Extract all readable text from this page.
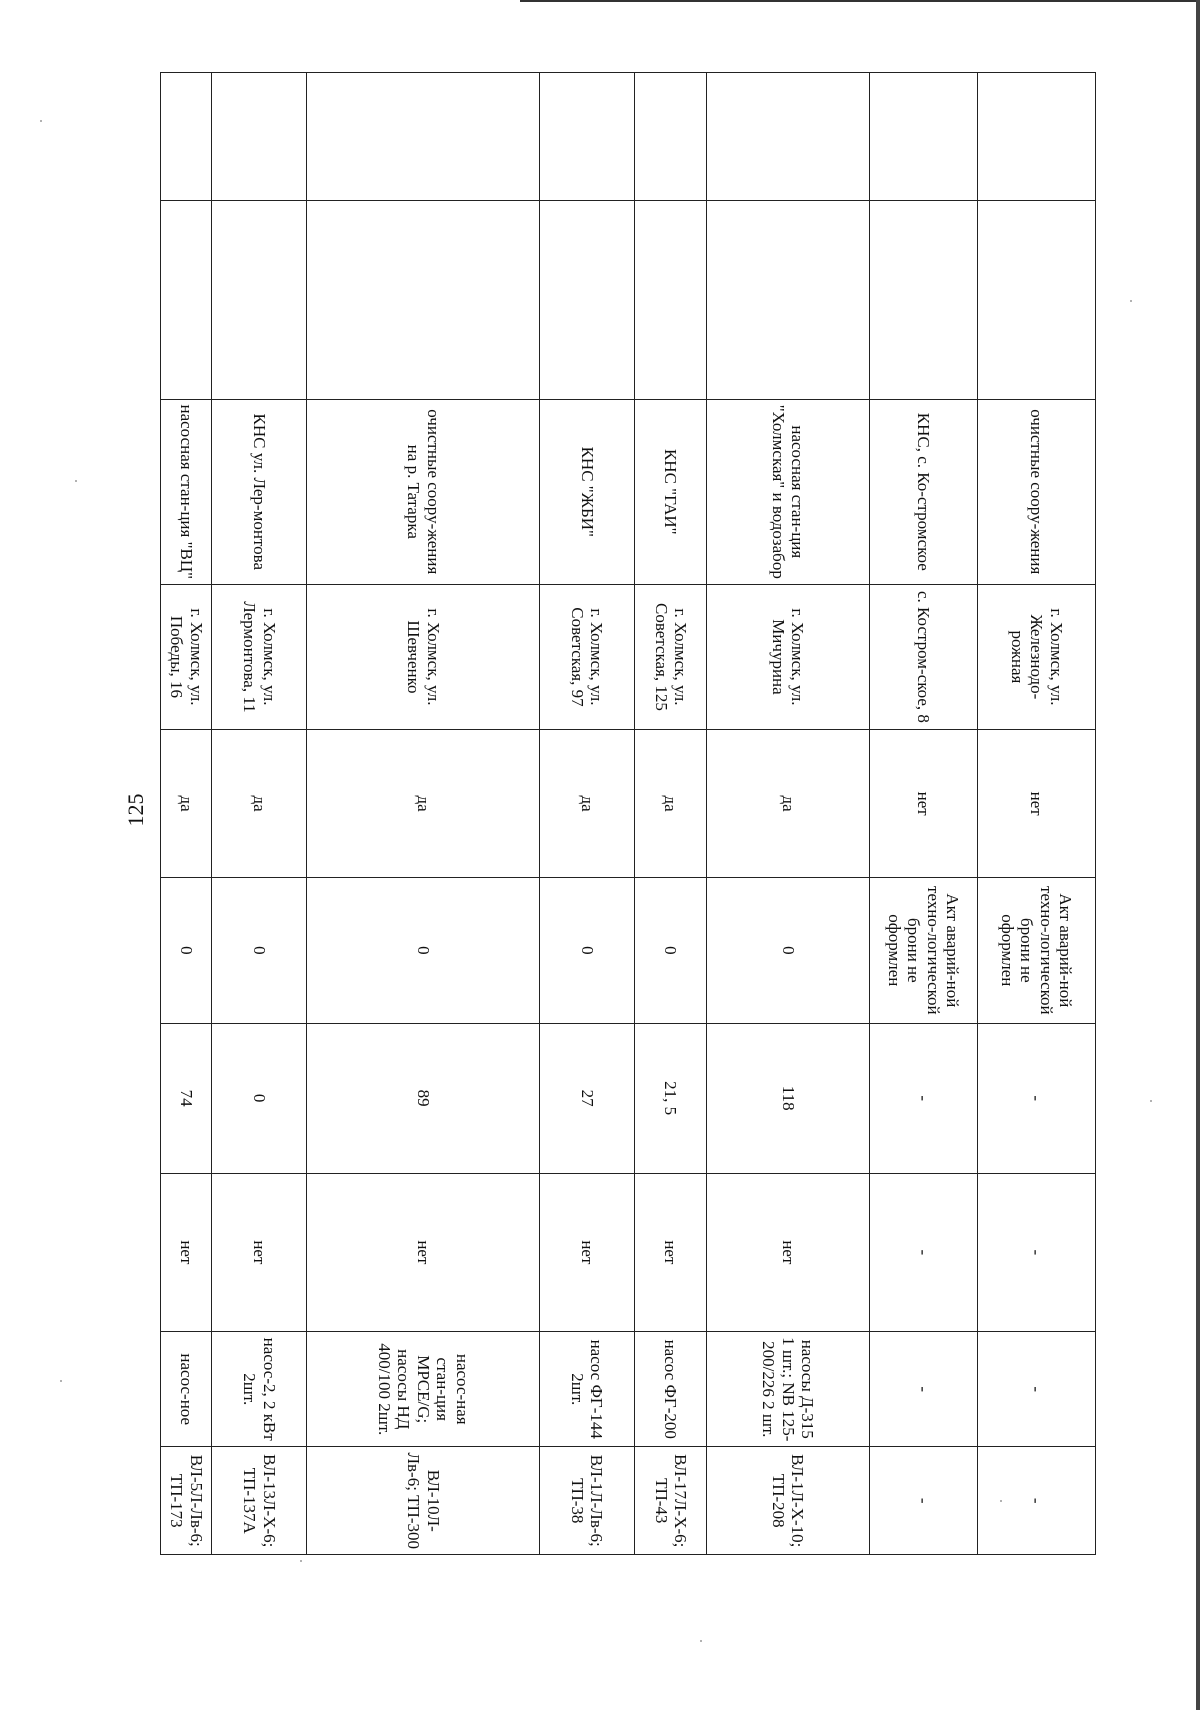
125
		очистные соору-жения	г. Холмск, ул. Железнодо-рожная	нет	Акт аварий-ной техно-логической брони не оформлен	-	-	-	-
		КНС, с. Ко-стромское	с. Костром-ское, 8	нет	Акт аварий-ной техно-логической брони не оформлен	-	-	-	-
		насосная стан-ция "Холмская" и водозабор	г. Холмск, ул. Мичурина	да	0	118	нет	насосы Д-315 1 шт.; NB 125-200/226 2 шт.	ВЛ-1Л-Х-10; ТП-208
		КНС "ГАИ"	г. Холмск, ул. Советская, 125	да	0	21, 5	нет	насос ФГ-200	ВЛ-17Л-Х-6; ТП-43
		КНС "ЖБИ"	г. Холмск, ул. Советская, 97	да	0	27	нет	насос ФГ-144 2шт.	ВЛ-1Л-Лв-6; ТП-38
		очистные соору-жения на р. Татарка	г. Холмск, ул. Шевченко	да	0	89	нет	насос-ная стан-ция MPCE/G; насосы НД 400/100 2шт.	ВЛ-10Л-Лв-6; ТП-300
		КНС ул. Лер-монтова	г. Холмск, ул. Лермонтова, 11	да	0	0	нет	насос-2, 2 кВт 2шт.	ВЛ-13Л-Х-6; ТП-137А
		насосная стан-ция "ВЦ"	г. Холмск, ул. Победы, 16	да	0	74	нет	насос-ное	ВЛ-5Л-Лв-6; ТП-173
